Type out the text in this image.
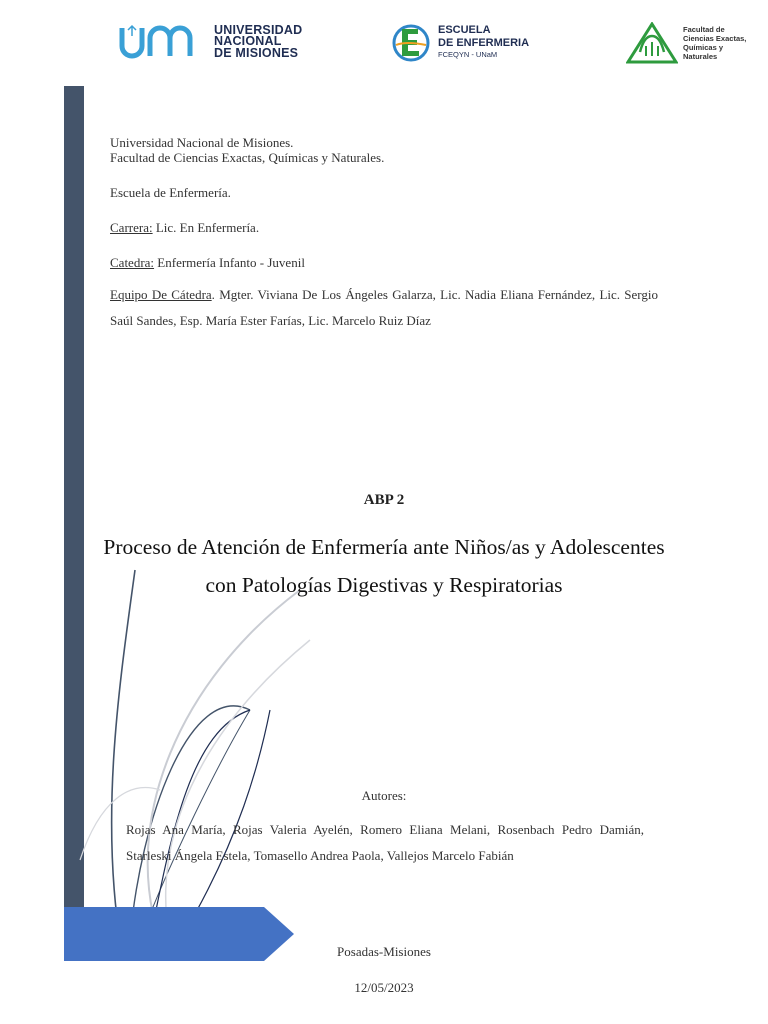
UNIVERSIDAD
NACIONAL
DE MISIONES
ESCUELA
DE ENFERMERIA
FCEQYN - UNaM
Facultad de
Ciencias Exactas,
Químicas y
Naturales
Universidad Nacional de Misiones.
Facultad de Ciencias Exactas, Químicas y Naturales.
Escuela de Enfermería.
Carrera: Lic. En Enfermería.
Catedra: Enfermería Infanto - Juvenil
Equipo De Cátedra. Mgter. Viviana De Los Ángeles Galarza, Lic. Nadia Eliana Fernández, Lic. Sergio Saúl Sandes, Esp. María Ester Farías, Lic. Marcelo Ruiz Díaz
ABP 2
Proceso de Atención de Enfermería ante Niños/as y Adolescentes con Patologías Digestivas y Respiratorias
Autores:
Rojas Ana María, Rojas Valeria Ayelén, Romero Eliana Melani, Rosenbach Pedro Damián, Starleski Ángela Estela, Tomasello Andrea Paola, Vallejos Marcelo Fabián
Posadas-Misiones
12/05/2023
